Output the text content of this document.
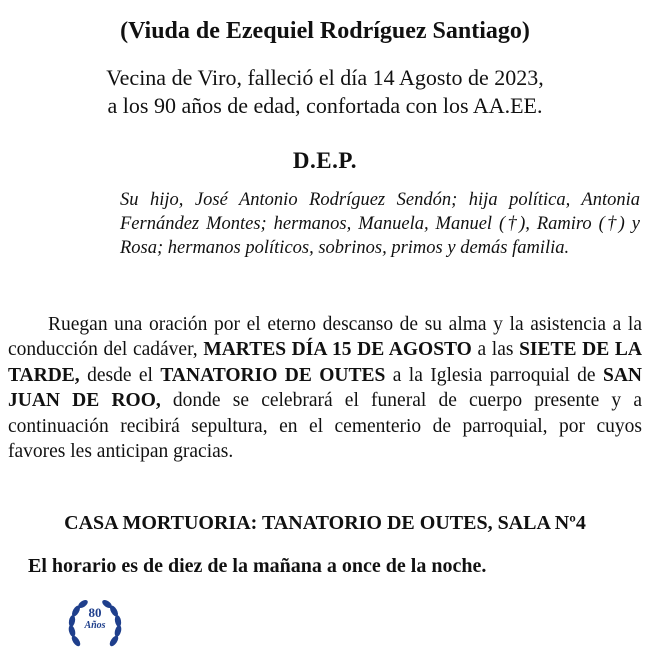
(Viuda de Ezequiel Rodríguez Santiago)
Vecina de Viro, falleció el día 14 Agosto de 2023,
a los 90 años de edad, confortada con los AA.EE.
D.E.P.
Su hijo, José Antonio Rodríguez Sendón; hija política, Antonia Fernández Montes; hermanos, Manuela, Manuel (†), Ramiro (†) y Rosa; hermanos políticos, sobrinos, primos y demás familia.
Ruegan una oración por el eterno descanso de su alma y la asistencia a la conducción del cadáver, MARTES DÍA 15 DE AGOSTO a las SIETE DE LA TARDE, desde el TANATORIO DE OUTES a la Iglesia parroquial de SAN JUAN DE ROO, donde se celebrará el funeral de cuerpo presente y a continuación recibirá sepultura, en el cementerio de parroquial, por cuyos favores les anticipan gracias.
CASA MORTUORIA: TANATORIO DE OUTES, SALA Nº4
El horario es de diez de la mañana a once de la noche.
80
Años
